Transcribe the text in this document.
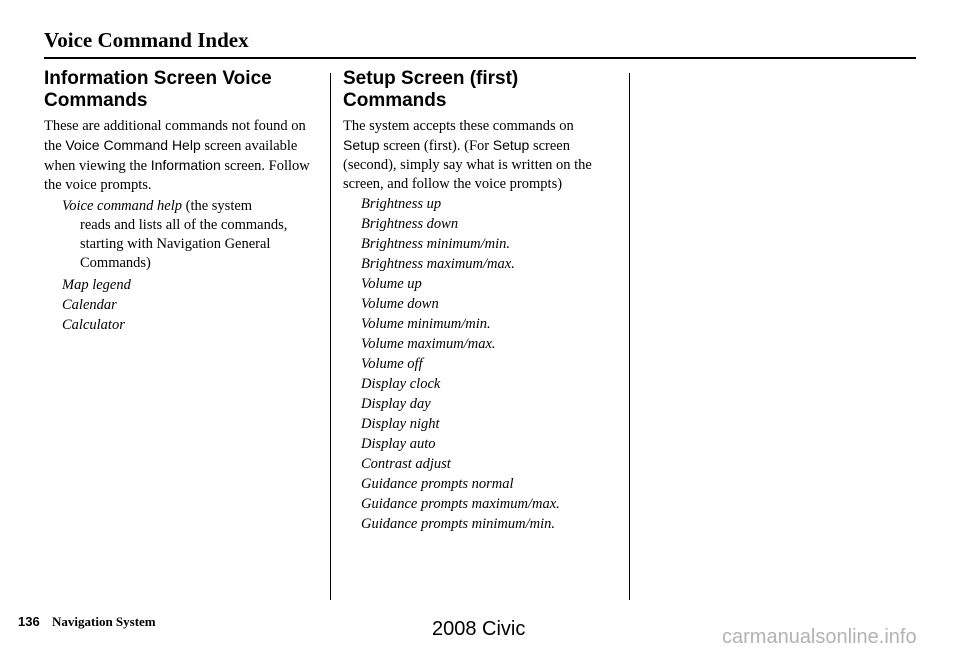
Voice Command Index
Information Screen Voice Commands

These are additional commands not found on the Voice Command Help screen available when viewing the Information screen. Follow the voice prompts.

Voice command help (the system
reads and lists all of the commands, starting with Navigation General Commands)
Map legend
Calendar
Calculator
Setup Screen (first) Commands

The system accepts these commands on Setup screen (first). (For Setup screen (second), simply say what is written on the screen, and follow the voice prompts)

Brightness up
Brightness down
Brightness minimum/min.
Brightness maximum/max.
Volume up
Volume down
Volume minimum/min.
Volume maximum/max.
Volume off
Display clock
Display day
Display night
Display auto
Contrast adjust
Guidance prompts normal
Guidance prompts maximum/max.
Guidance prompts minimum/min.
136 Navigation System	2008 Civic	carmanualsonline.info
